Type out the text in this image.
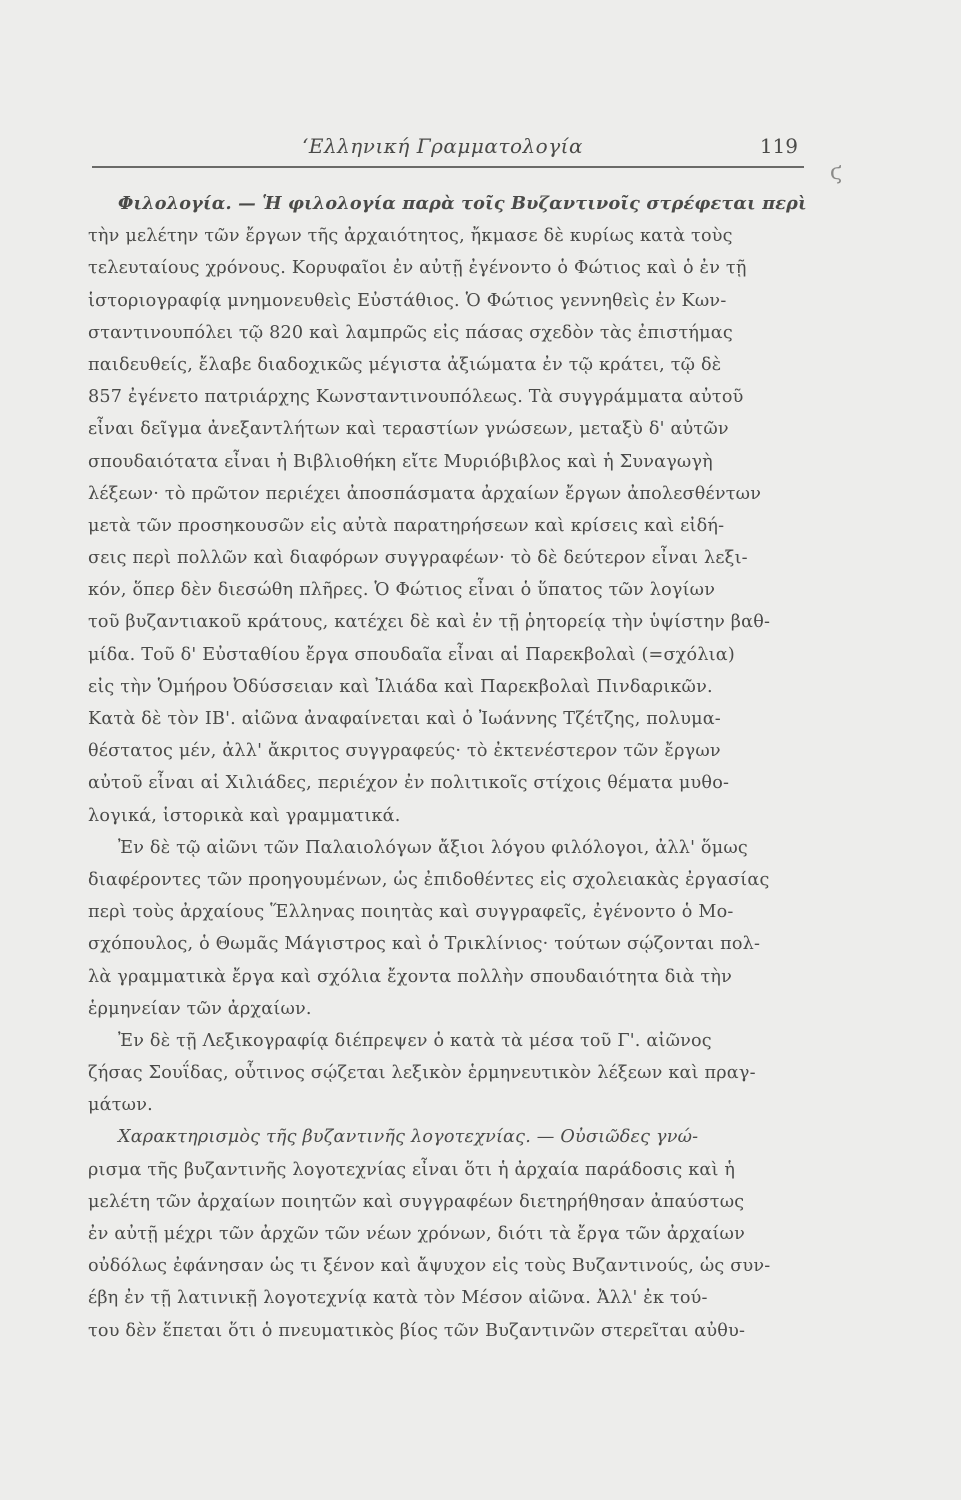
‘Ελληνική Γραμματολογία	119
ϛ
Φιλολογία. — Ἡ φιλολογία παρὰ τοῖς Βυζαντινοῖς στρέφεται περὶ
τὴν μελέτην τῶν ἔργων τῆς ἀρχαιότητος, ἤκμασε δὲ κυρίως κατὰ τοὺς
τελευταίους χρόνους. Κορυφαῖοι ἐν αὐτῇ ἐγένοντο ὁ Φώτιος καὶ ὁ ἐν τῇ
ἱστοριογραφίᾳ μνημονευθεὶς Εὐστάθιος. Ὁ Φώτιος γεννηθεὶς ἐν Κων-
σταντινουπόλει τῷ 820 καὶ λαμπρῶς εἰς πάσας σχεδὸν τὰς ἐπιστήμας
παιδευθείς, ἔλαβε διαδοχικῶς μέγιστα ἀξιώματα ἐν τῷ κράτει, τῷ δὲ
857 ἐγένετο πατριάρχης Κωνσταντινουπόλεως. Τὰ συγγράμματα αὐτοῦ
εἶναι δεῖγμα ἀνεξαντλήτων καὶ τεραστίων γνώσεων, μεταξὺ δ' αὐτῶν
σπουδαιότατα εἶναι ἡ Βιβλιοθήκη εἴτε Μυριόβιβλος καὶ ἡ Συναγωγὴ
λέξεων· τὸ πρῶτον περιέχει ἀποσπάσματα ἀρχαίων ἔργων ἀπολεσθέντων
μετὰ τῶν προσηκουσῶν εἰς αὐτὰ παρατηρήσεων καὶ κρίσεις καὶ εἰδή-
σεις περὶ πολλῶν καὶ διαφόρων συγγραφέων· τὸ δὲ δεύτερον εἶναι λεξι-
κόν, ὅπερ δὲν διεσώθη πλῆρες. Ὁ Φώτιος εἶναι ὁ ὕπατος τῶν λογίων
τοῦ βυζαντιακοῦ κράτους, κατέχει δὲ καὶ ἐν τῇ ῥητορείᾳ τὴν ὑψίστην βαθ-
μίδα. Τοῦ δ' Εὐσταθίου ἔργα σπουδαῖα εἶναι αἱ Παρεκβολαὶ (=σχόλια)
εἰς τὴν Ὁμήρου Ὀδύσσειαν καὶ Ἰλιάδα καὶ Παρεκβολαὶ Πινδαρικῶν.
Κατὰ δὲ τὸν ΙΒ'. αἰῶνα ἀναφαίνεται καὶ ὁ Ἰωάννης Τζέτζης, πολυμα-
θέστατος μέν, ἀλλ' ἄκριτος συγγραφεύς· τὸ ἐκτενέστερον τῶν ἔργων
αὐτοῦ εἶναι αἱ Χιλιάδες, περιέχον ἐν πολιτικοῖς στίχοις θέματα μυθο-
λογικά, ἱστορικὰ καὶ γραμματικά.
Ἐν δὲ τῷ αἰῶνι τῶν Παλαιολόγων ἄξιοι λόγου φιλόλογοι, ἀλλ' ὅμως
διαφέροντες τῶν προηγουμένων, ὡς ἐπιδοθέντες εἰς σχολειακὰς ἐργασίας
περὶ τοὺς ἀρχαίους Ἕλληνας ποιητὰς καὶ συγγραφεῖς, ἐγένοντο ὁ Μο-
σχόπουλος, ὁ Θωμᾶς Μάγιστρος καὶ ὁ Τρικλίνιος· τούτων σῴζονται πολ-
λὰ γραμματικὰ ἔργα καὶ σχόλια ἔχοντα πολλὴν σπουδαιότητα διὰ τὴν
ἑρμηνείαν τῶν ἀρχαίων.
Ἐν δὲ τῇ Λεξικογραφίᾳ διέπρεψεν ὁ κατὰ τὰ μέσα τοῦ Γ'. αἰῶνος
ζήσας Σουΐδας, οὗτινος σῴζεται λεξικὸν ἑρμηνευτικὸν λέξεων καὶ πραγ-
μάτων.
Χαρακτηρισμὸς τῆς βυζαντινῆς λογοτεχνίας. — Οὐσιῶδες γνώ-
ρισμα τῆς βυζαντινῆς λογοτεχνίας εἶναι ὅτι ἡ ἀρχαία παράδοσις καὶ ἡ
μελέτη τῶν ἀρχαίων ποιητῶν καὶ συγγραφέων διετηρήθησαν ἀπαύστως
ἐν αὐτῇ μέχρι τῶν ἀρχῶν τῶν νέων χρόνων, διότι τὰ ἔργα τῶν ἀρχαίων
οὐδόλως ἐφάνησαν ὡς τι ξένον καὶ ἄψυχον εἰς τοὺς Βυζαντινούς, ὡς συν-
έβη ἐν τῇ λατινικῇ λογοτεχνίᾳ κατὰ τὸν Μέσον αἰῶνα. Ἀλλ' ἐκ τού-
του δὲν ἕπεται ὅτι ὁ πνευματικὸς βίος τῶν Βυζαντινῶν στερεῖται αὐθυ-
